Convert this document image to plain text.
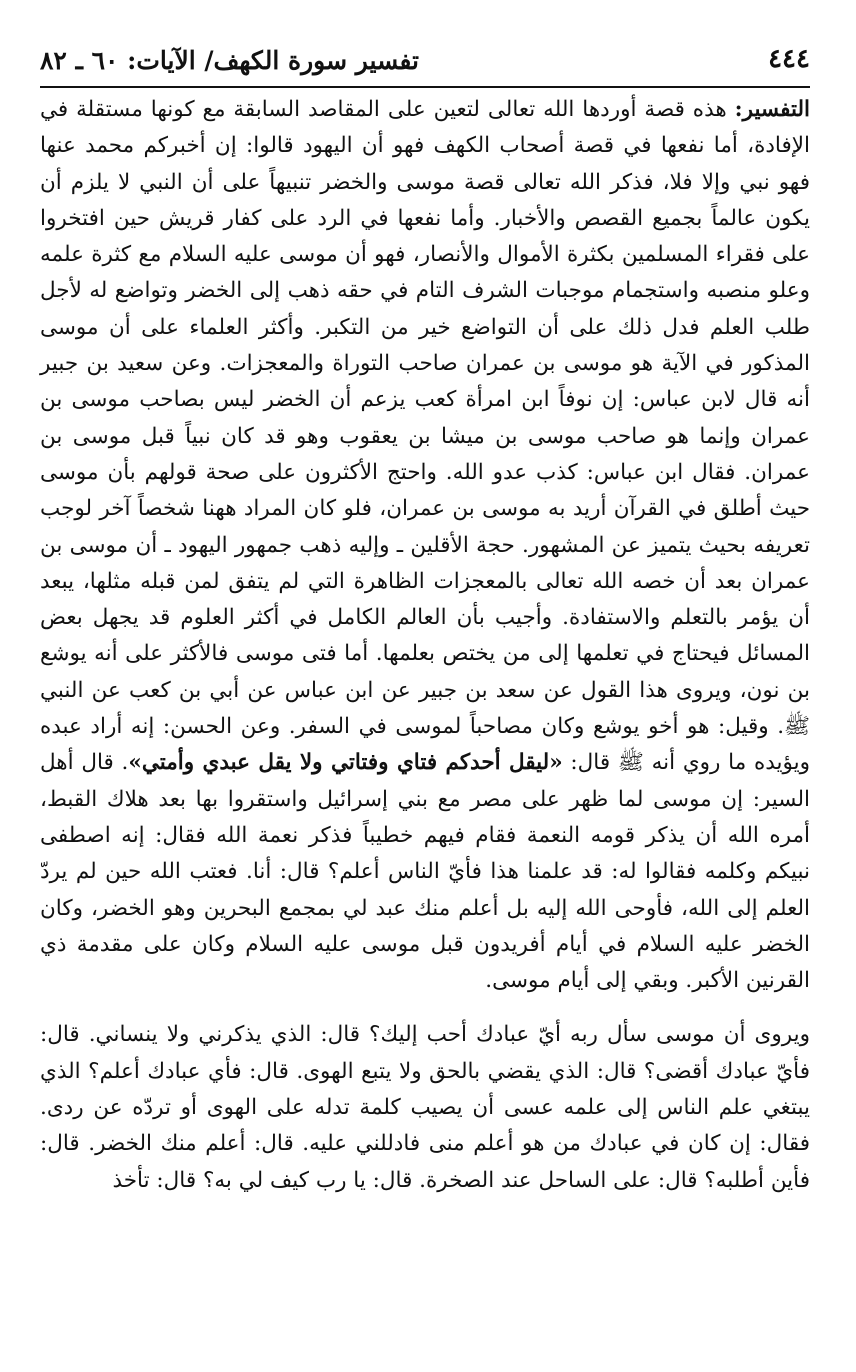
٤٤٤
تفسير سورة الكهف/ الآيات: ٦٠ ـ ٨٢

التفسير: هذه قصة أوردها الله تعالى لتعين على المقاصد السابقة مع كونها مستقلة في الإفادة، أما نفعها في قصة أصحاب الكهف فهو أن اليهود قالوا: إن أخبركم محمد عنها فهو نبي وإلا فلا، فذكر الله تعالى قصة موسى والخضر تنبيهاً على أن النبي لا يلزم أن يكون عالماً بجميع القصص والأخبار. وأما نفعها في الرد على كفار قريش حين افتخروا على فقراء المسلمين بكثرة الأموال والأنصار، فهو أن موسى عليه السلام مع كثرة علمه وعلو منصبه واستجمام موجبات الشرف التام في حقه ذهب إلى الخضر وتواضع له لأجل طلب العلم فدل ذلك على أن التواضع خير من التكبر. وأكثر العلماء على أن موسى المذكور في الآية هو موسى بن عمران صاحب التوراة والمعجزات. وعن سعيد بن جبير أنه قال لابن عباس: إن نوفاً ابن امرأة كعب يزعم أن الخضر ليس بصاحب موسى بن عمران وإنما هو صاحب موسى بن ميشا بن يعقوب وهو قد كان نبياً قبل موسى بن عمران. فقال ابن عباس: كذب عدو الله. واحتج الأكثرون على صحة قولهم بأن موسى حيث أطلق في القرآن أريد به موسى بن عمران، فلو كان المراد ههنا شخصاً آخر لوجب تعريفه بحيث يتميز عن المشهور. حجة الأقلين ـ وإليه ذهب جمهور اليهود ـ أن موسى بن عمران بعد أن خصه الله تعالى بالمعجزات الظاهرة التي لم يتفق لمن قبله مثلها، يبعد أن يؤمر بالتعلم والاستفادة. وأجيب بأن العالم الكامل في أكثر العلوم قد يجهل بعض المسائل فيحتاج في تعلمها إلى من يختص بعلمها. أما فتى موسى فالأكثر على أنه يوشع بن نون، ويروى هذا القول عن سعد بن جبير عن ابن عباس عن أبي بن كعب عن النبي ﷺ. وقيل: هو أخو يوشع وكان مصاحباً لموسى في السفر. وعن الحسن: إنه أراد عبده ويؤيده ما روي أنه ﷺ قال: «ليقل أحدكم فتاي وفتاتي ولا يقل عبدي وأمتي». قال أهل السير: إن موسى لما ظهر على مصر مع بني إسرائيل واستقروا بها بعد هلاك القبط، أمره الله أن يذكر قومه النعمة فقام فيهم خطيباً فذكر نعمة الله فقال: إنه اصطفى نبيكم وكلمه فقالوا له: قد علمنا هذا فأيّ الناس أعلم؟ قال: أنا. فعتب الله حين لم يردّ العلم إلى الله، فأوحى الله إليه بل أعلم منك عبد لي بمجمع البحرين وهو الخضر، وكان الخضر عليه السلام في أيام أفريدون قبل موسى عليه السلام وكان على مقدمة ذي القرنين الأكبر. وبقي إلى أيام موسى.

ويروى أن موسى سأل ربه أيّ عبادك أحب إليك؟ قال: الذي يذكرني ولا ينساني. قال: فأيّ عبادك أقضى؟ قال: الذي يقضي بالحق ولا يتبع الهوى. قال: فأي عبادك أعلم؟ الذي يبتغي علم الناس إلى علمه عسى أن يصيب كلمة تدله على الهوى أو تردّه عن ردى. فقال: إن كان في عبادك من هو أعلم منى فادللني عليه. قال: أعلم منك الخضر. قال: فأين أطلبه؟ قال: على الساحل عند الصخرة. قال: يا رب كيف لي به؟ قال: تأخذ
